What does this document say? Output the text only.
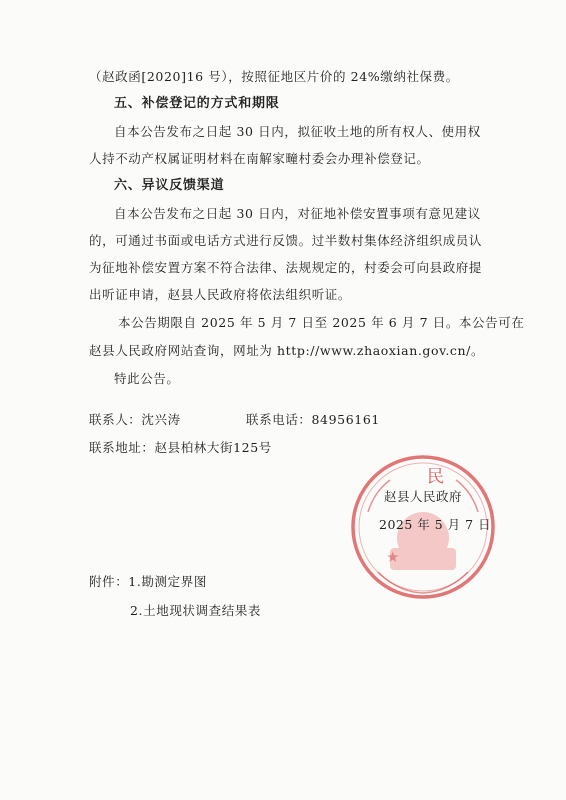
（赵政函[2020]16 号），按照征地区片价的 24%缴纳社保费。
五、补偿登记的方式和期限
自本公告发布之日起 30 日内，拟征收土地的所有权人、使用权
人持不动产权属证明材料在南解家疃村委会办理补偿登记。
六、异议反馈渠道
自本公告发布之日起 30 日内，对征地补偿安置事项有意见建议
的，可通过书面或电话方式进行反馈。过半数村集体经济组织成员认
为征地补偿安置方案不符合法律、法规规定的，村委会可向县政府提
出听证申请，赵县人民政府将依法组织听证。
本公告期限自 2025 年 5 月 7 日至 2025 年 6 月 7 日。本公告可在
赵县人民政府网站查询，网址为 http://www.zhaoxian.gov.cn/。
特此公告。
联系人：沈兴涛	联系电话：84956161
联系地址：赵县柏林大街125号
民
★
赵县人民政府
2025 年 5 月 7 日
附件：1.勘测定界图
2.土地现状调查结果表
